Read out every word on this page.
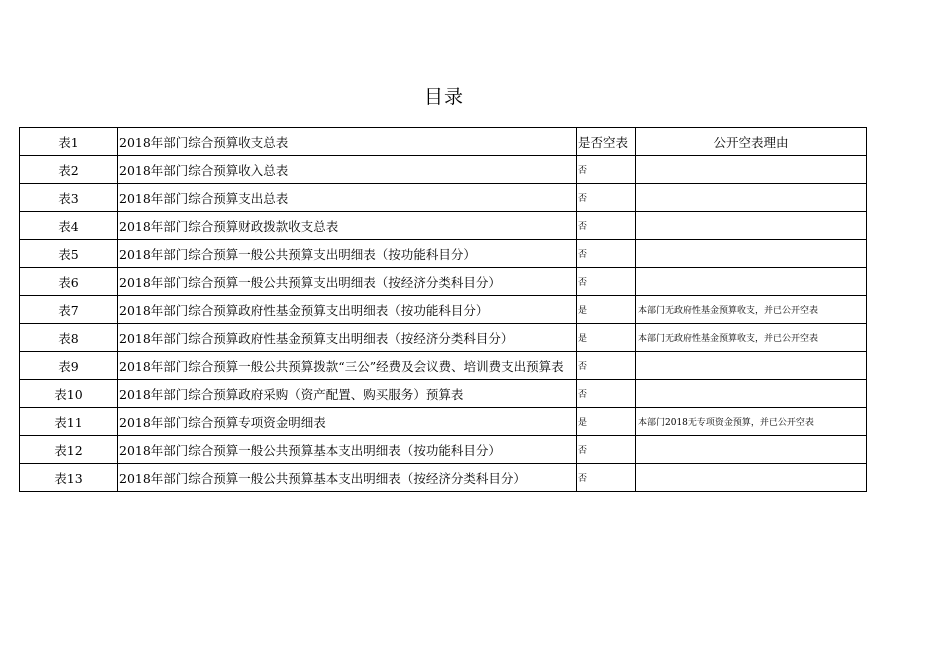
目录
表1	2018年部门综合预算收支总表	是否空表	公开空表理由
表2	2018年部门综合预算收入总表	否	
表3	2018年部门综合预算支出总表	否	
表4	2018年部门综合预算财政拨款收支总表	否	
表5	2018年部门综合预算一般公共预算支出明细表（按功能科目分）	否	
表6	2018年部门综合预算一般公共预算支出明细表（按经济分类科目分）	否	
表7	2018年部门综合预算政府性基金预算支出明细表（按功能科目分）	是	本部门无政府性基金预算收支，并已公开空表
表8	2018年部门综合预算政府性基金预算支出明细表（按经济分类科目分）	是	本部门无政府性基金预算收支，并已公开空表
表9	2018年部门综合预算一般公共预算拨款“三公”经费及会议费、培训费支出预算表	否	
表10	2018年部门综合预算政府采购（资产配置、购买服务）预算表	否	
表11	2018年部门综合预算专项资金明细表	是	本部门2018无专项资金预算，并已公开空表
表12	2018年部门综合预算一般公共预算基本支出明细表（按功能科目分）	否	
表13	2018年部门综合预算一般公共预算基本支出明细表（按经济分类科目分）	否	
